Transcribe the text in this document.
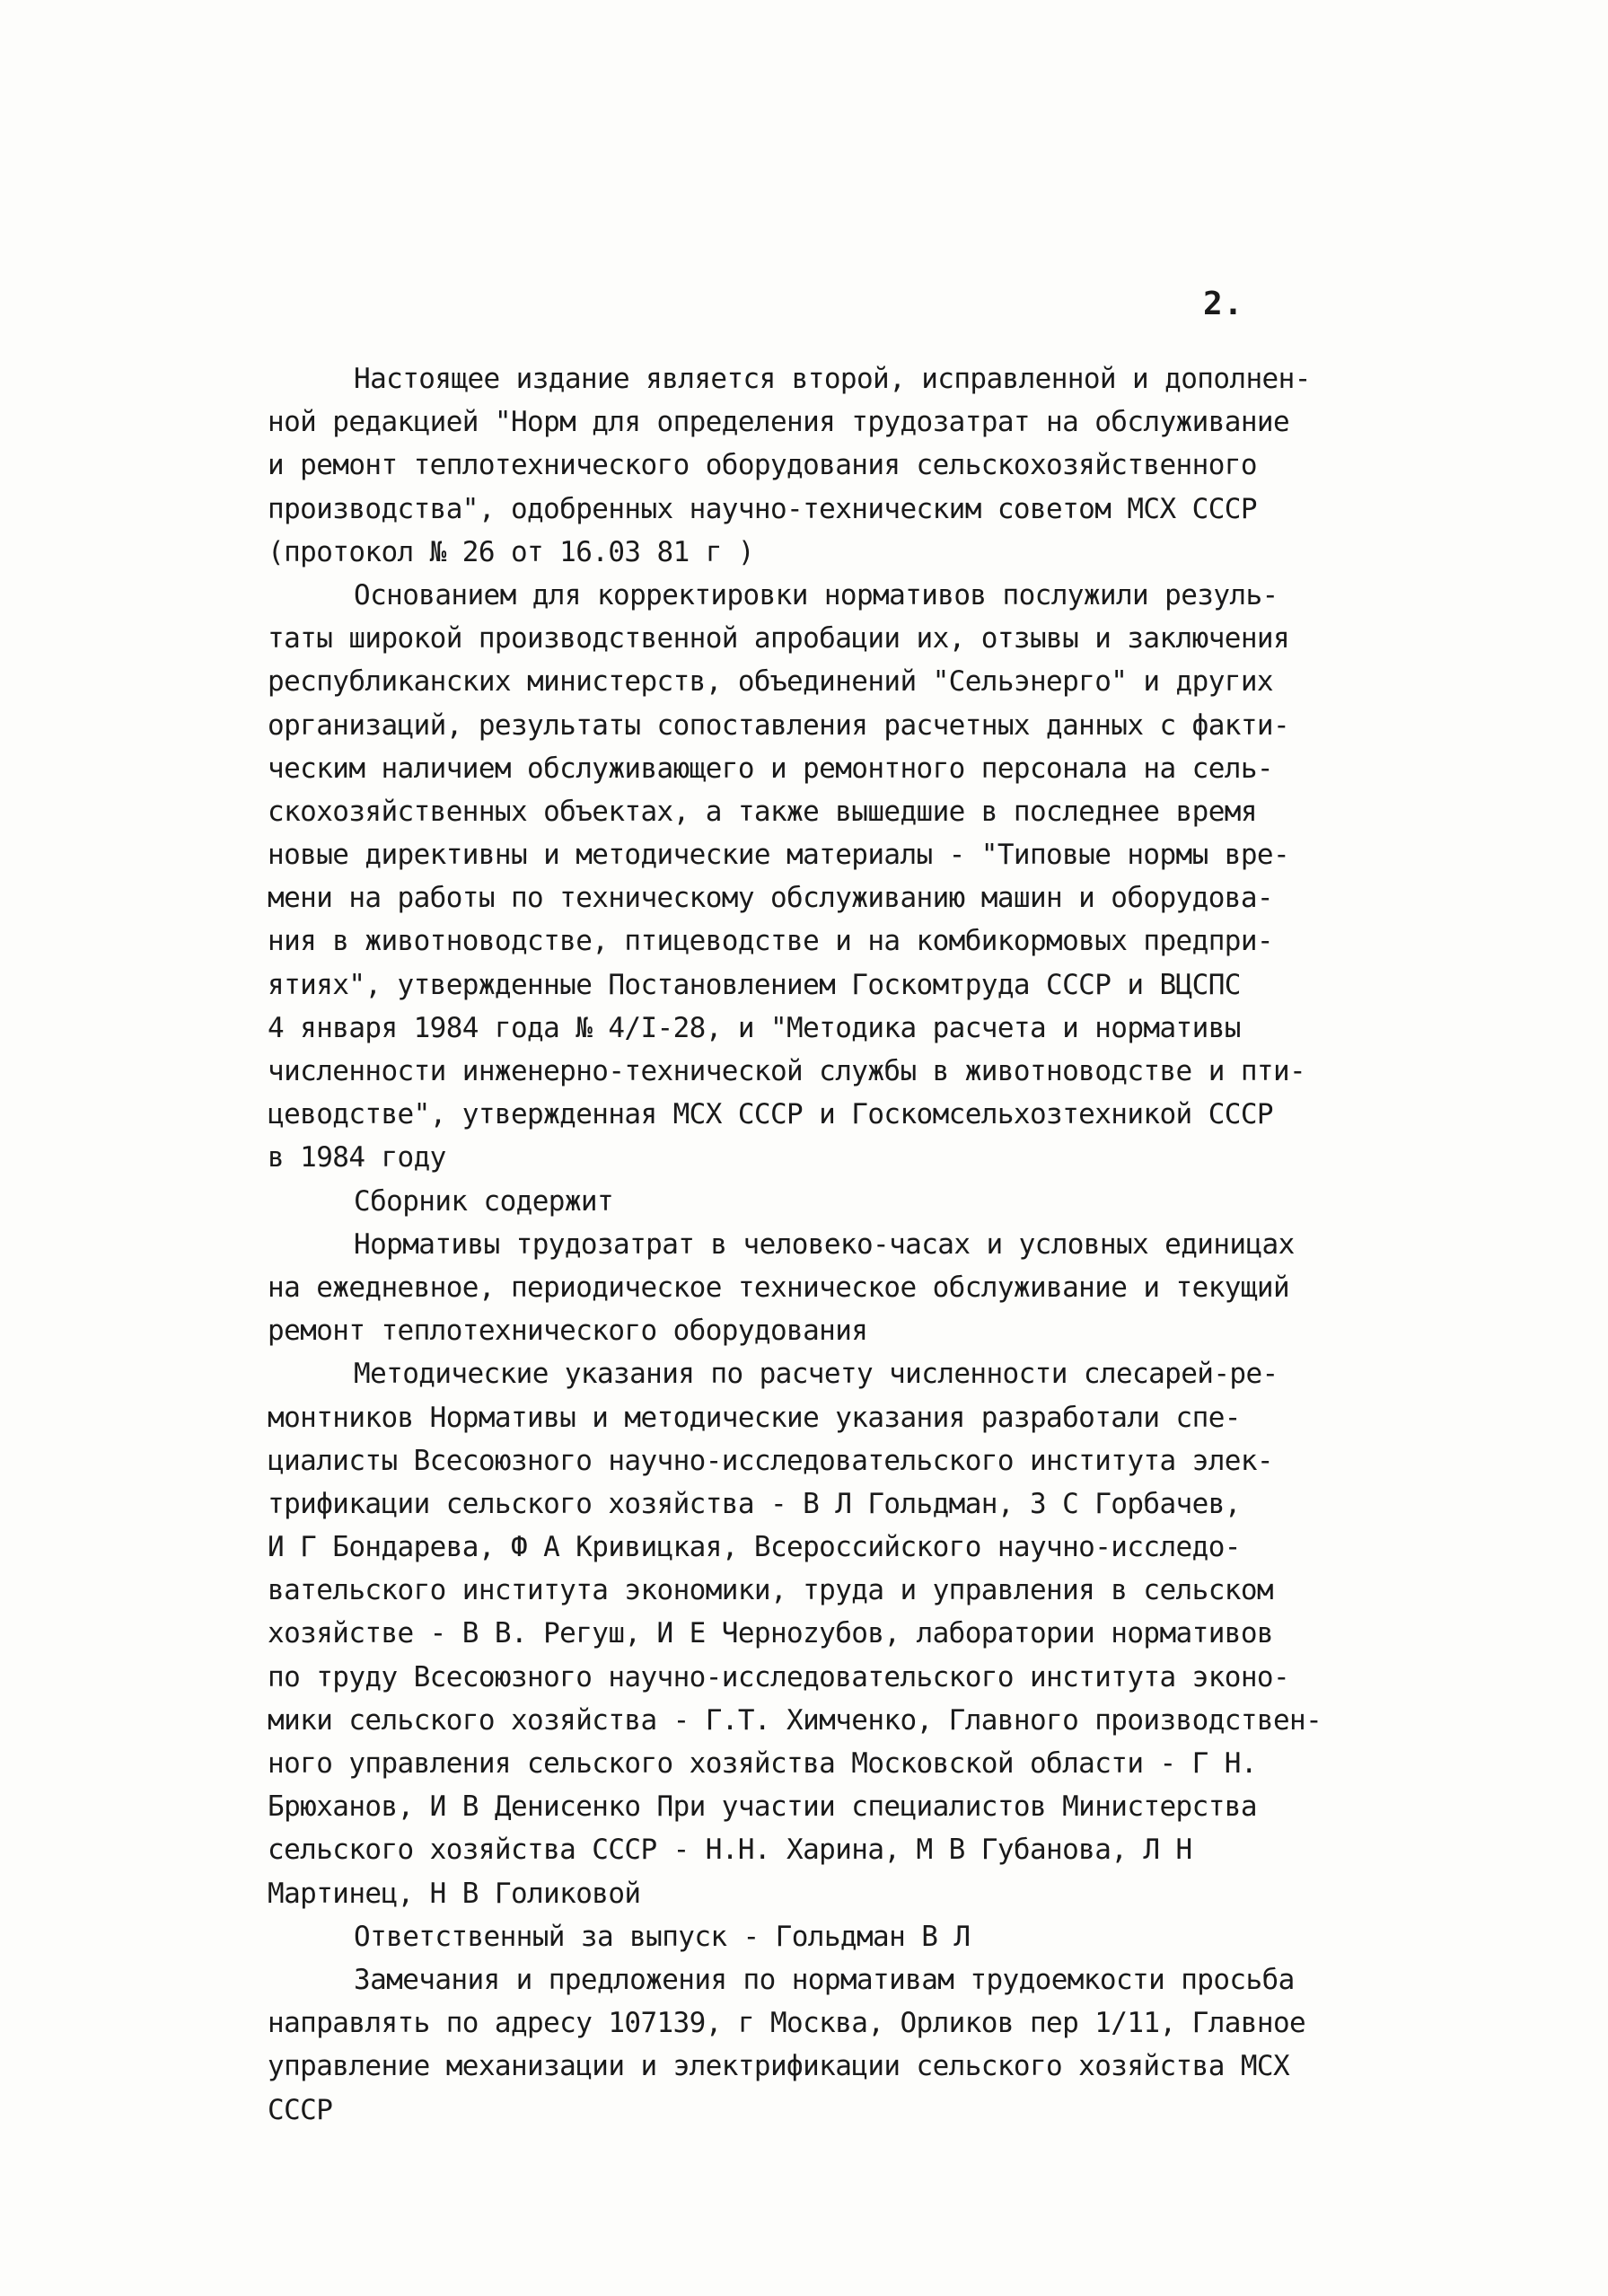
2.
Настоящее издание является второй, исправленной и дополнен-
ной редакцией "Норм для определения трудозатрат на обслуживание
и ремонт теплотехнического оборудования сельскохозяйственного
производства", одобренных научно-техническим советом МСХ СССР
(протокол № 26 от 16.03 81 г )
Основанием для корректировки нормативов послужили резуль-
таты широкой производственной апробации их, отзывы и заключения
республиканских министерств, объединений "Сельэнерго" и других
организаций, результаты сопоставления расчетных данных с факти-
ческим наличием обслуживающего и ремонтного персонала на сель-
скохозяйственных объектах, а также вышедшие в последнее время
новые директивны и методические материалы - "Типовые нормы вре-
мени на работы по техническому обслуживанию машин и оборудова-
ния в животноводстве, птицеводстве и на комбикормовых предпри-
ятиях", утвержденные Постановлением Госкомтруда СССР и ВЦСПС
4 января 1984 года № 4/I-28, и "Методика расчета и нормативы
численности инженерно-технической службы в животноводстве и пти-
цеводстве", утвержденная МСХ СССР и Госкомсельхозтехникой СССР
в 1984 году
Сборник содержит
Нормативы трудозатрат в человеко-часах и условных единицах
на ежедневное, периодическое техническое обслуживание и текущий
ремонт теплотехнического оборудования
Методические указания по расчету численности слесарей-ре-
монтников Нормативы и методические указания разработали спе-
циалисты Всесоюзного научно-исследовательского института элек-
трификации сельского хозяйства - В Л Гольдман, З С Горбачев,
И Г Бондарева, Ф А Кривицкая, Всероссийского научно-исследо-
вательского института экономики, труда и управления в сельском
хозяйстве - В В. Регуш, И Е Черноzубов, лаборатории нормативов
по труду Всесоюзного научно-исследовательского института эконо-
мики сельского хозяйства - Г.Т. Химченко, Главного производствен-
ного управления сельского хозяйства Московской области - Г Н.
Брюханов, И В Денисенко При участии специалистов Министерства
сельского хозяйства СССР - Н.Н. Харина, М В Губанова, Л Н
Мартинец, Н В Голиковой
Ответственный за выпуск - Гольдман В Л
Замечания и предложения по нормативам трудоемкости просьба
направлять по адресу 107139, г Москва, Орликов пер 1/11, Главное
управление механизации и электрификации сельского хозяйства МСХ
СССР
